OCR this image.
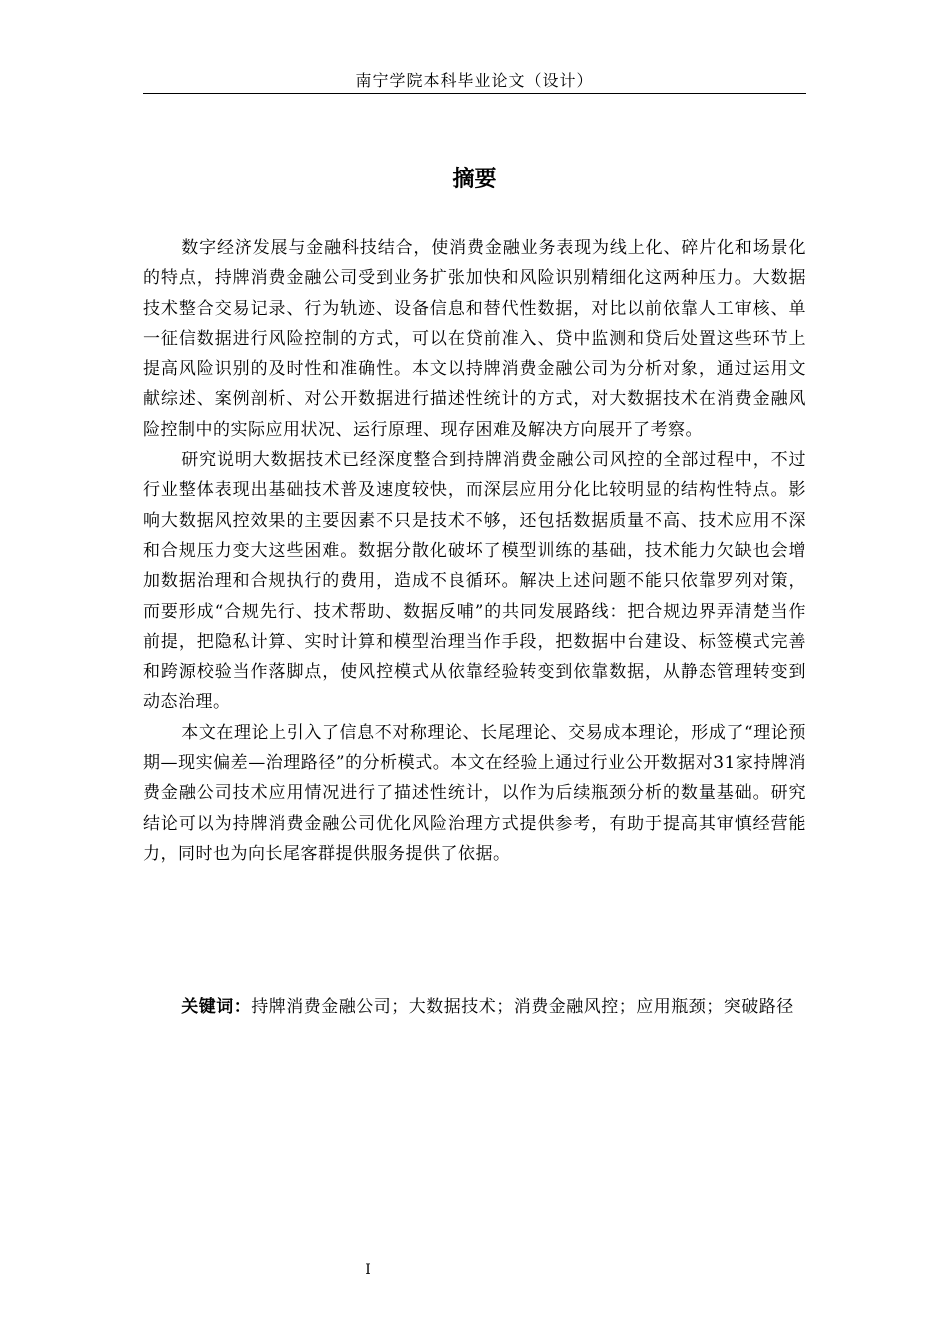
南宁学院本科毕业论文（设计）
摘要

数字经济发展与金融科技结合，使消费金融业务表现为线上化、碎片化和场景化的特点，持牌消费金融公司受到业务扩张加快和风险识别精细化这两种压力。大数据技术整合交易记录、行为轨迹、设备信息和替代性数据，对比以前依靠人工审核、单一征信数据进行风险控制的方式，可以在贷前准入、贷中监测和贷后处置这些环节上提高风险识别的及时性和准确性。本文以持牌消费金融公司为分析对象，通过运用文献综述、案例剖析、对公开数据进行描述性统计的方式，对大数据技术在消费金融风险控制中的实际应用状况、运行原理、现存困难及解决方向展开了考察。

研究说明大数据技术已经深度整合到持牌消费金融公司风控的全部过程中，不过行业整体表现出基础技术普及速度较快，而深层应用分化比较明显的结构性特点。影响大数据风控效果的主要因素不只是技术不够，还包括数据质量不高、技术应用不深和合规压力变大这些困难。数据分散化破坏了模型训练的基础，技术能力欠缺也会增加数据治理和合规执行的费用，造成不良循环。解决上述问题不能只依靠罗列对策，而要形成“合规先行、技术帮助、数据反哺”的共同发展路线：把合规边界弄清楚当作前提，把隐私计算、实时计算和模型治理当作手段，把数据中台建设、标签模式完善和跨源校验当作落脚点，使风控模式从依靠经验转变到依靠数据，从静态管理转变到动态治理。

本文在理论上引入了信息不对称理论、长尾理论、交易成本理论，形成了“理论预期—现实偏差—治理路径”的分析模式。本文在经验上通过行业公开数据对31家持牌消费金融公司技术应用情况进行了描述性统计，以作为后续瓶颈分析的数量基础。研究结论可以为持牌消费金融公司优化风险治理方式提供参考，有助于提高其审慎经营能力，同时也为向长尾客群提供服务提供了依据。

关键词：持牌消费金融公司；大数据技术；消费金融风控；应用瓶颈；突破路径

I
